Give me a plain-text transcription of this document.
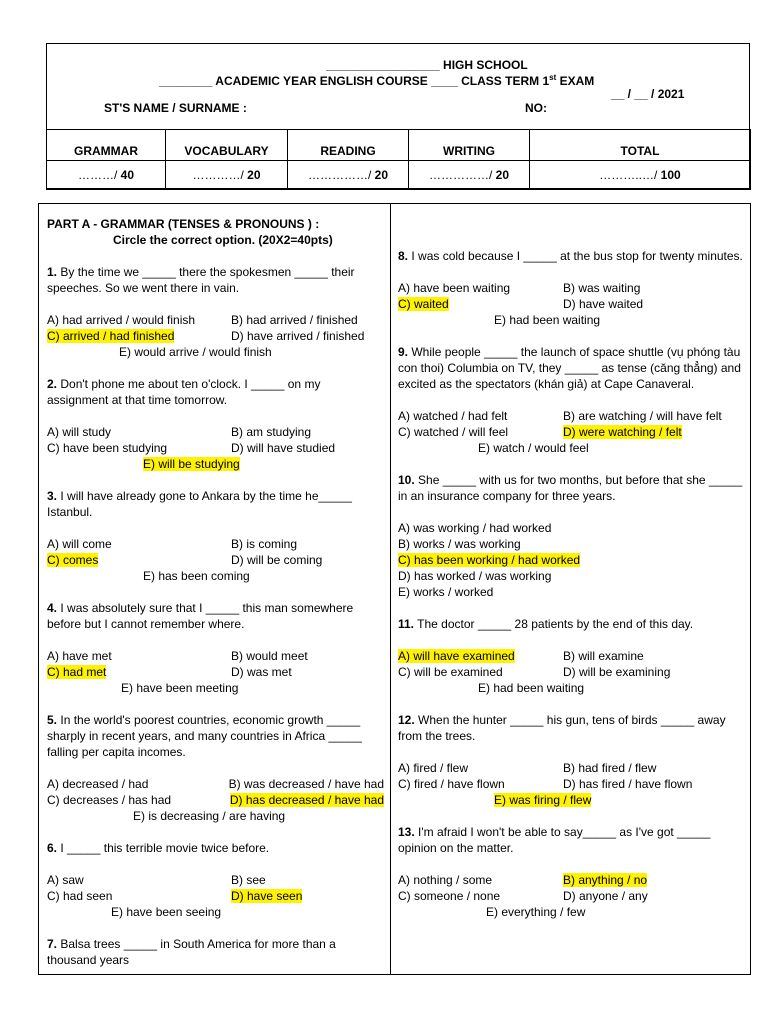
_________________ HIGH SCHOOL
________ ACADEMIC YEAR ENGLISH COURSE ____ CLASS TERM 1st EXAM
__ / __ / 2021
ST'S NAME / SURNAME :	NO:
GRAMMAR	VOCABULARY	READING	WRITING	TOTAL
………/ 40	…………/ 20	……………/ 20	……………/ 20	………..…/ 100
PART A - GRAMMAR (TENSES & PRONOUNS ) :
Circle the correct option. (20X2=40pts)
1. By the time we _____ there the spokesmen _____ their speeches. So we went there in vain.
A) had arrived / would finish	B) had arrived / finished
C) arrived / had finished	D) have arrived / finished
E) would arrive / would finish
2. Don't phone me about ten o'clock. I _____ on my assignment at that time tomorrow.
A) will study	B) am studying
C) have been studying	D) will have studied
E) will be studying
3. I will have already gone to Ankara by the time he_____ Istanbul.
A) will come	B) is coming
C) comes	D) will be coming
E) has been coming
4. I was absolutely sure that I _____ this man somewhere before but I cannot remember where.
A) have met	B) would meet
C) had met	D) was met
E) have been meeting
5. In the world's poorest countries, economic growth _____ sharply in recent years, and many countries in Africa _____ falling per capita incomes.
A) decreased / had	B) was decreased / have had
C) decreases / has had	D) has decreased / have had
E) is decreasing / are having
6. I _____ this terrible movie twice before.
A) saw	B) see
C) had seen	D) have seen
E) have been seeing
7. Balsa trees _____ in South America for more than a thousand years
8. I was cold because I _____ at the bus stop for twenty minutes.
A) have been waiting	B) was waiting
C) waited	D) have waited
E) had been waiting
9. While people _____ the launch of space shuttle (vụ phóng tàu con thoi) Columbia on TV, they _____ as tense (căng thẳng) and excited as the spectators (khán giả) at Cape Canaveral.
A) watched / had felt	B) are watching / will have felt
C) watched / will feel	D) were watching / felt
E) watch / would feel
10. She _____ with us for two months, but before that she _____ in an insurance company for three years.
A) was working / had worked
B) works / was working
C) has been working / had worked
D) has worked / was working
E) works / worked
11. The doctor _____ 28 patients by the end of this day.
A) will have examined	B) will examine
C) will be examined	D) will be examining
E) had been waiting
12. When the hunter _____ his gun, tens of birds _____ away from the trees.
A) fired / flew	B) had fired / flew
C) fired / have flown	D) has fired / have flown
E) was firing / flew
13. I'm afraid I won't be able to say_____ as I've got _____ opinion on the matter.
A) nothing / some	B) anything / no
C) someone / none	D) anyone / any
E) everything / few
